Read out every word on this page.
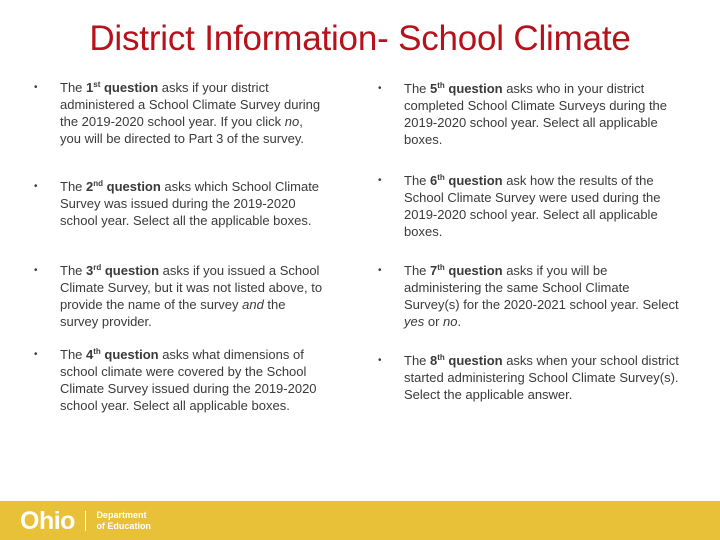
District Information- School Climate
•	The 1st question asks if your district administered a School Climate Survey during the 2019-2020 school year. If you click no, you will be directed to Part 3 of the survey.
•	The 2nd question asks which School Climate Survey was issued during the 2019-2020 school year. Select all the applicable boxes.
•	The 3rd question asks if you issued a School Climate Survey, but it was not listed above, to provide the name of the survey and the survey provider.
•	The 4th question asks what dimensions of school climate were covered by the School Climate Survey issued during the 2019-2020 school year. Select all applicable boxes.
•	The 5th question asks who in your district completed School Climate Surveys during the 2019-2020 school year. Select all applicable boxes.
•	The 6th question ask how the results of the School Climate Survey were used during the 2019-2020 school year. Select all applicable boxes.
•	The 7th question asks if you will be administering the same School Climate Survey(s) for the 2020-2021 school year. Select yes or no.
•	The 8th question asks when your school district started administering School Climate Survey(s). Select the applicable answer.
Ohio Department
of Education
